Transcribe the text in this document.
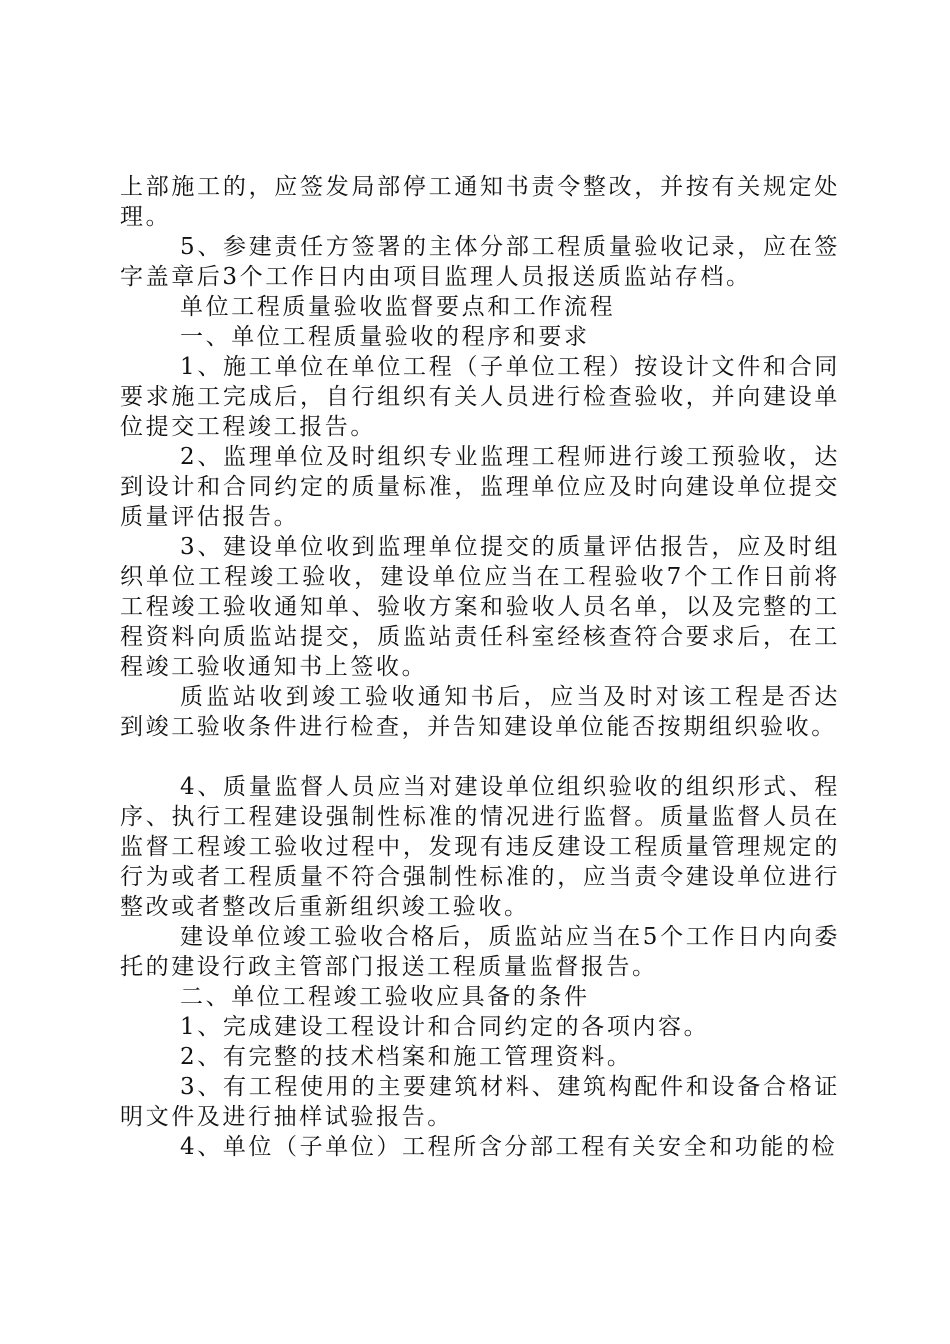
上部施工的，应签发局部停工通知书责令整改，并按有关规定处理。

5、参建责任方签署的主体分部工程质量验收记录，应在签字盖章后3个工作日内由项目监理人员报送质监站存档。

单位工程质量验收监督要点和工作流程

一、单位工程质量验收的程序和要求

1、施工单位在单位工程（子单位工程）按设计文件和合同要求施工完成后，自行组织有关人员进行检查验收，并向建设单位提交工程竣工报告。

2、监理单位及时组织专业监理工程师进行竣工预验收，达到设计和合同约定的质量标准，监理单位应及时向建设单位提交质量评估报告。

3、建设单位收到监理单位提交的质量评估报告，应及时组织单位工程竣工验收，建设单位应当在工程验收7个工作日前将工程竣工验收通知单、验收方案和验收人员名单，以及完整的工程资料向质监站提交，质监站责任科室经核查符合要求后，在工程竣工验收通知书上签收。

质监站收到竣工验收通知书后，应当及时对该工程是否达到竣工验收条件进行检查，并告知建设单位能否按期组织验收。

4、质量监督人员应当对建设单位组织验收的组织形式、程序、执行工程建设强制性标准的情况进行监督。质量监督人员在监督工程竣工验收过程中，发现有违反建设工程质量管理规定的行为或者工程质量不符合强制性标准的，应当责令建设单位进行整改或者整改后重新组织竣工验收。

建设单位竣工验收合格后，质监站应当在5个工作日内向委托的建设行政主管部门报送工程质量监督报告。

二、单位工程竣工验收应具备的条件

1、完成建设工程设计和合同约定的各项内容。

2、有完整的技术档案和施工管理资料。

3、有工程使用的主要建筑材料、建筑构配件和设备合格证明文件及进行抽样试验报告。

4、单位（子单位）工程所含分部工程有关安全和功能的检
